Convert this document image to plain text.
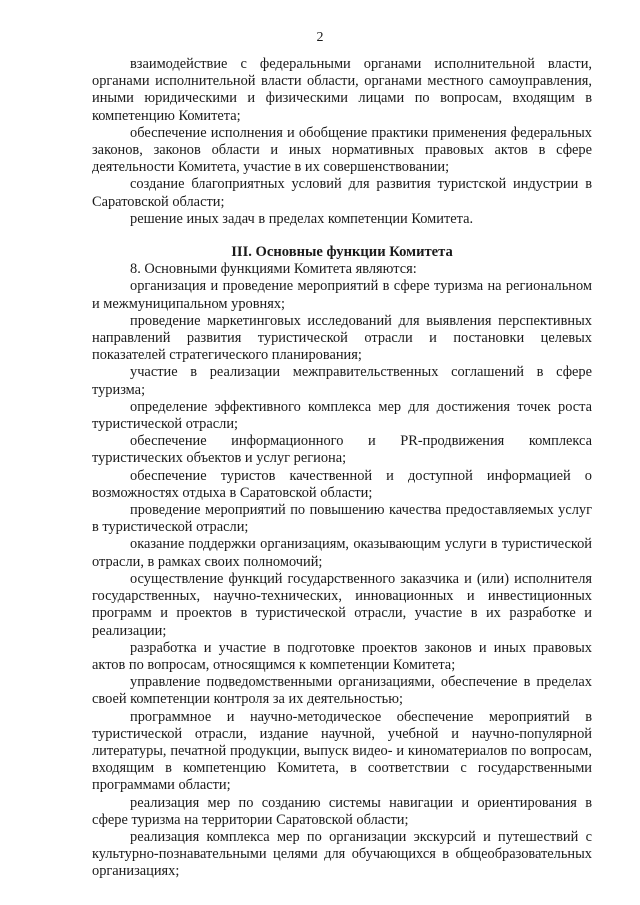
2

взаимодействие с федеральными органами исполнительной власти, органами исполнительной власти области, органами местного самоуправления, иными юридическими и физическими лицами по вопросам, входящим в компетенцию Комитета;

обеспечение исполнения и обобщение практики применения федеральных законов, законов области и иных нормативных правовых актов в сфере деятельности Комитета, участие в их совершенствовании;

создание благоприятных условий для развития туристской индустрии в Саратовской области;

решение иных задач в пределах компетенции Комитета.

III. Основные функции Комитета

8. Основными функциями Комитета являются:

организация и проведение мероприятий в сфере туризма на региональном и межмуниципальном уровнях;

проведение маркетинговых исследований для выявления перспективных направлений развития туристической отрасли и постановки целевых показателей стратегического планирования;

участие в реализации межправительственных соглашений в сфере туризма;

определение эффективного комплекса мер для достижения точек роста туристической отрасли;

обеспечение информационного и PR-продвижения комплекса туристических объектов и услуг региона;

обеспечение туристов качественной и доступной информацией о возможностях отдыха в Саратовской области;

проведение мероприятий по повышению качества предоставляемых услуг в туристической отрасли;

оказание поддержки организациям, оказывающим услуги в туристической отрасли, в рамках своих полномочий;

осуществление функций государственного заказчика и (или) исполнителя государственных, научно-технических, инновационных и инвестиционных программ и проектов в туристической отрасли, участие в их разработке и реализации;

разработка и участие в подготовке проектов законов и иных правовых актов по вопросам, относящимся к компетенции Комитета;

управление подведомственными организациями, обеспечение в пределах своей компетенции контроля за их деятельностью;

программное и научно-методическое обеспечение мероприятий в туристической отрасли, издание научной, учебной и научно-популярной литературы, печатной продукции, выпуск видео- и киноматериалов по вопросам, входящим в компетенцию Комитета, в соответствии с государственными программами области;

реализация мер по созданию системы навигации и ориентирования в сфере туризма на территории Саратовской области;

реализация комплекса мер по организации экскурсий и путешествий с культурно-познавательными целями для обучающихся в общеобразовательных организациях;
